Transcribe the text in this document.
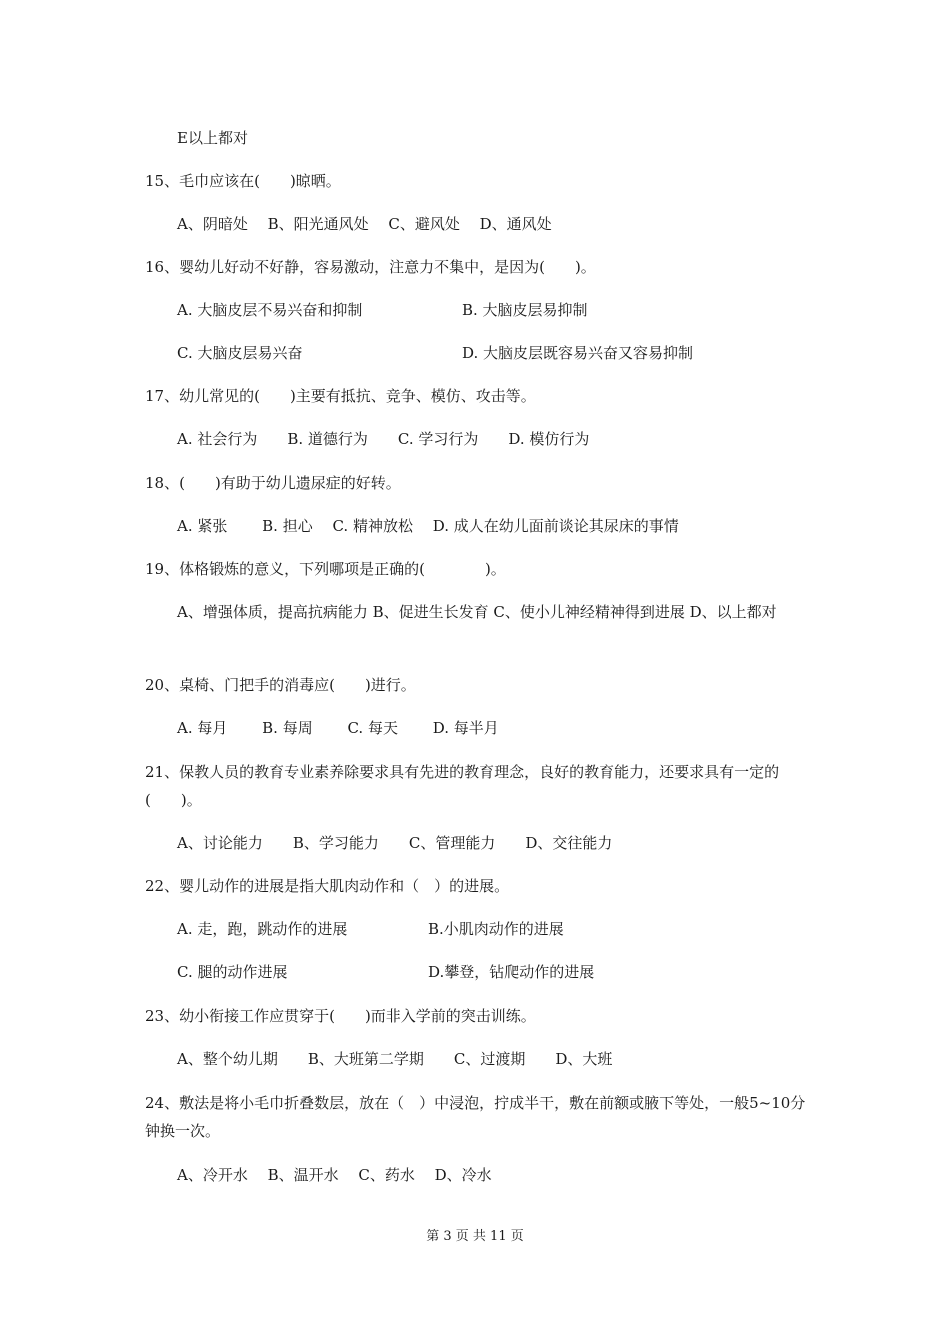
E以上都对
15、毛巾应该在(　　)晾晒。
A、阴暗处　 B、阳光通风处　 C、避风处　 D、通风处
16、婴幼儿好动不好静，容易激动，注意力不集中，是因为(　　)。
A. 大脑皮层不易兴奋和抑制	B. 大脑皮层易抑制
C. 大脑皮层易兴奋	D. 大脑皮层既容易兴奋又容易抑制
17、幼儿常见的(　　)主要有抵抗、竞争、模仿、攻击等。
A. 社会行为　　B. 道德行为　　C. 学习行为　　D. 模仿行为
18、(　　)有助于幼儿遗尿症的好转。
A. 紧张　　 B. 担心　 C. 精神放松　 D. 成人在幼儿面前谈论其尿床的事情
19、体格锻炼的意义，下列哪项是正确的(　　　　)。
A、增强体质，提高抗病能力 B、促进生长发育 C、使小儿神经精神得到进展 D、以上都对
20、桌椅、门把手的消毒应(　　)进行。
A. 每月　　 B. 每周　　 C. 每天　　 D. 每半月
21、保教人员的教育专业素养除要求具有先进的教育理念，良好的教育能力，还要求具有一定的(　　)。
A、讨论能力　　B、学习能力　　C、管理能力　　D、交往能力
22、婴儿动作的进展是指大肌肉动作和（　）的进展。
A. 走，跑，跳动作的进展	B.小肌肉动作的进展
C. 腿的动作进展	D.攀登，钻爬动作的进展
23、幼小衔接工作应贯穿于(　　)而非入学前的突击训练。
A、整个幼儿期　　B、大班第二学期　　C、过渡期　　D、大班
24、敷法是将小毛巾折叠数层，放在（　）中浸泡，拧成半干，敷在前额或腋下等处，一般5~10分钟换一次。
A、冷开水　 B、温开水　 C、药水　 D、冷水
第 3 页 共 11 页
